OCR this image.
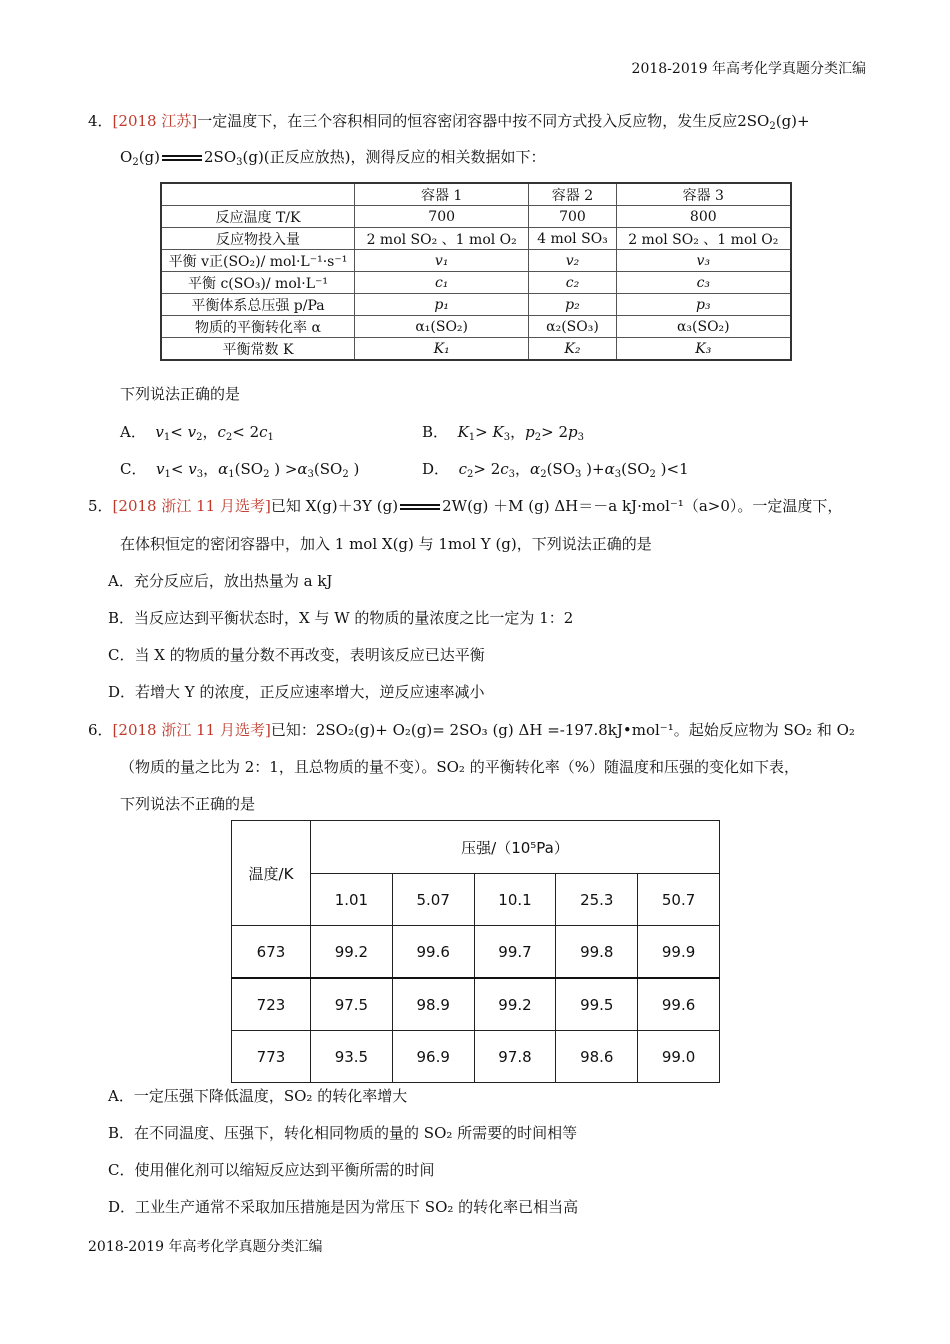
2018-2019 年高考化学真题分类汇编
4．[2018 江苏]一定温度下，在三个容积相同的恒容密闭容器中按不同方式投入反应物，发生反应$2SO_2(g)+$
$O_2(g)$	$2SO_3(g)$(正反应放热)，测得反应的相关数据如下：
	容器 1	容器 2	容器 3
反应温度 T/K	700	700	800
反应物投入量	2 mol SO₂ 、1 mol O₂	4 mol SO₃	2 mol SO₂ 、1 mol O₂
平衡 v正(SO₂)/ mol·L⁻¹·s⁻¹	v₁	v₂	v₃
平衡 c(SO₃)/ mol·L⁻¹	c₁	c₂	c₃
平衡体系总压强 p/Pa	p₁	p₂	p₃
物质的平衡转化率 α	α₁(SO₂)	α₂(SO₃)	α₃(SO₂)
平衡常数 K	K₁	K₂	K₃
下列说法正确的是
A． $v_1< v_2$，$c_2< 2c_1$	B． $K_1> K_3$，$p_2> 2p_3$
C． $v_1< v_3$，$\alpha_1(SO_2$ ) $>\alpha_3(SO_2$ )	D． $c_2> 2c_3$，$\alpha_2(SO_3$ )$+\alpha_3(SO_2$ )<1
5．[2018 浙江 11 月选考]已知 X(g)＋3Y (g)	2W(g) ＋M (g) ΔH＝－a kJ·mol⁻¹（a>0）。一定温度下，
在体积恒定的密闭容器中，加入 1 mol X(g) 与 1mol Y (g)，下列说法正确的是
A．充分反应后，放出热量为 a kJ
B．当反应达到平衡状态时，X 与 W 的物质的量浓度之比一定为 1：2
C．当 X 的物质的量分数不再改变，表明该反应已达平衡
D．若增大 Y 的浓度，正反应速率增大，逆反应速率减小
6．[2018 浙江 11 月选考]已知：2SO₂(g)+ O₂(g)= 2SO₃ (g) ΔH =-197.8kJ•mol⁻¹。起始反应物为 SO₂ 和 O₂
（物质的量之比为 2：1，且总物质的量不变）。SO₂ 的平衡转化率（%）随温度和压强的变化如下表，
下列说法不正确的是
温度/K	压强/（10⁵Pa）				
	1.01	5.07	10.1	25.3	50.7
673	99.2	99.6	99.7	99.8	99.9
723	97.5	98.9	99.2	99.5	99.6
773	93.5	96.9	97.8	98.6	99.0
A．一定压强下降低温度，SO₂ 的转化率增大
B．在不同温度、压强下，转化相同物质的量的 SO₂ 所需要的时间相等
C．使用催化剂可以缩短反应达到平衡所需的时间
D．工业生产通常不采取加压措施是因为常压下 SO₂ 的转化率已相当高
2018-2019 年高考化学真题分类汇编
